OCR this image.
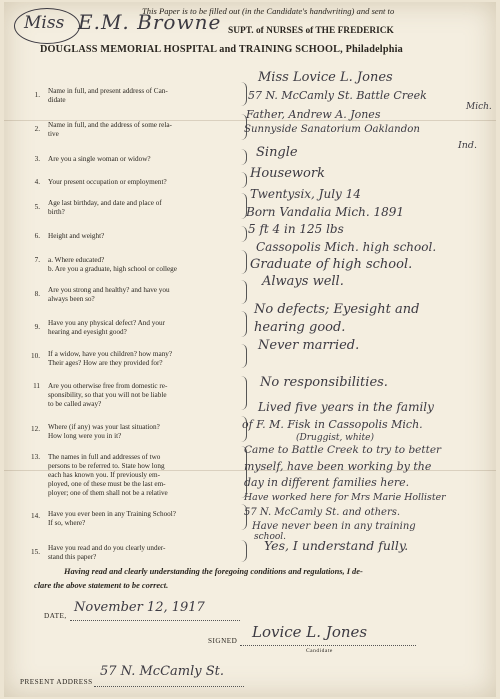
Miss E.M. Browne
This Paper is to be filled out (in the Candidate's handwriting) and sent to
SUPT. of NURSES of THE FREDERICK
DOUGLASS MEMORIAL HOSPITAL and TRAINING SCHOOL, Philadelphia
1. Name in full, and present address of Can-
didate
Miss Lovice L. Jones
57 N. McCamly St. Battle Creek
Mich.
2. Name in full, and the address of some rela-
tive
Father, Andrew A. Jones
Sunnyside Sanatorium Oaklandon
Ind.
3. Are you a single woman or widow?	Single
4. Your present occupation or employment?
Housework
5. Age last birthday, and date and place of
birth?
Twentysix, July 14
Born Vandalia Mich. 1891
6. Height and weight?	5 ft 4 in 125 lbs
7. a. Where educated?
b. Are you a graduate, high school or college
Cassopolis Mich. high school.
Graduate of high school.
8. Are you strong and healthy? and have you
always been so?
Always well.
9. Have you any physical defect? And your
hearing and eyesight good?
No defects; Eyesight and
hearing good.
10. If a widow, have you children? how many?
Their ages? How are they provided for?
Never married.
11 Are you otherwise free from domestic re-
sponsibility, so that you will not be liable
to be called away?
No responsibilities.
12. Where (if any) was your last situation?
How long were you in it?
Lived five years in the family
of F. M. Fisk in Cassopolis Mich.
(Druggist, white)
13. The names in full and addresses of two
persons to be referred to. State how long
each has known you. If previously em-
ployed, one of these must be the last em-
ployer; one of them shall not be a relative
Came to Battle Creek to try to better
myself, have been working by the
day in different families here.
Have worked here for Mrs Marie Hollister
14. Have you ever been in any Training School?
If so, where?
57 N. McCamly St. and others.
Have never been in any training
school.
15. Have you read and do you clearly under-
stand this paper?
Yes, I understand fully.
Having read and clearly understanding the foregoing conditions and regulations, I de-
clare the above statement to be correct.
DATE,
November 12, 1917
SIGNED Lovice L. Jones
Candidate
PRESENT ADDRESS
57 N. McCamly St.
